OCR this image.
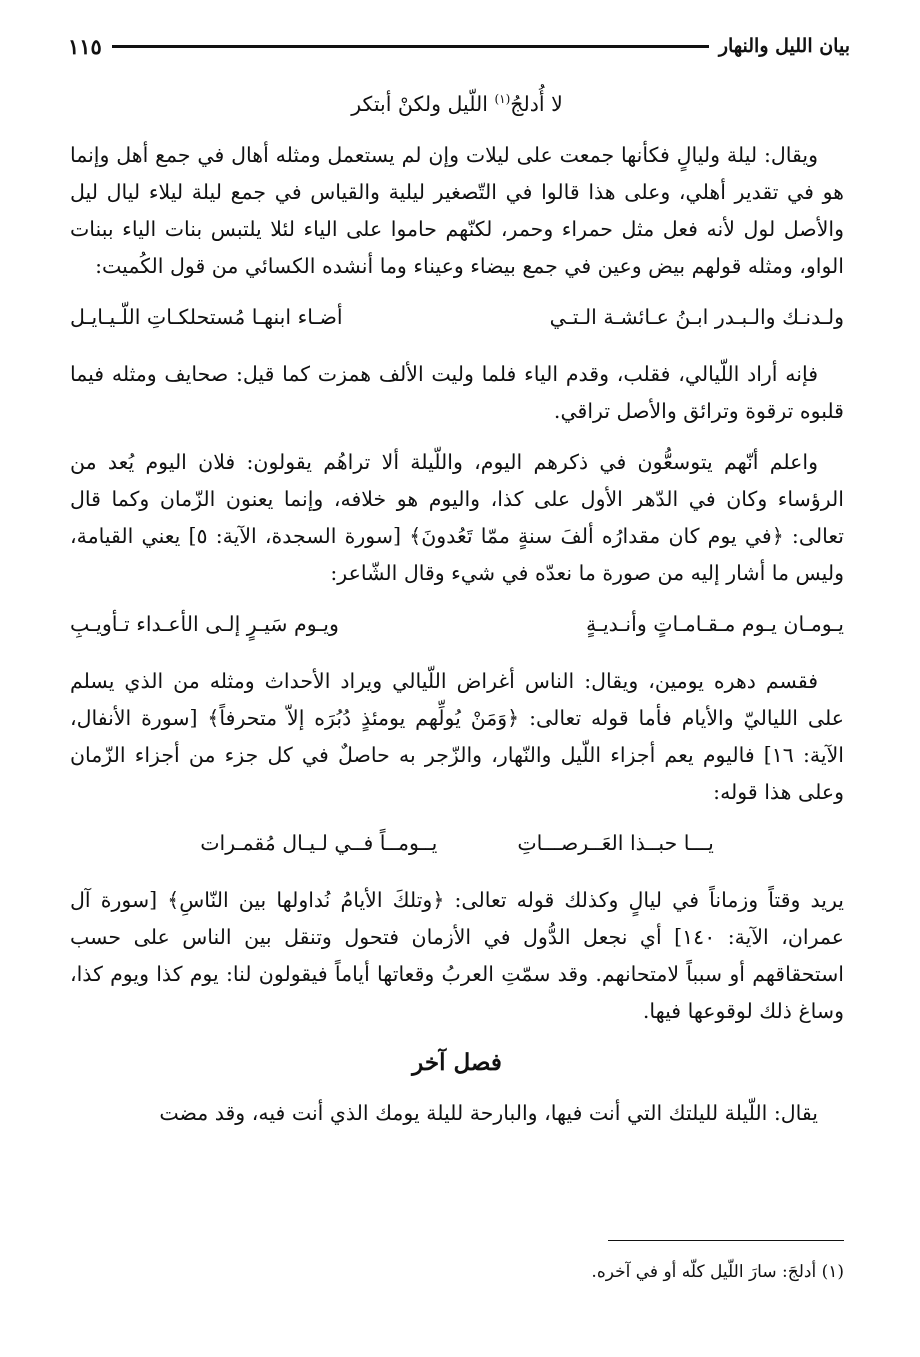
بيان الليل والنهار
١١٥
لا أُدلجُ$^{(١)}$ اللّيل ولكنْ أبتكر

ويقال: ليلة وليالٍ فكأنها جمعت على ليلات وإن لم يستعمل ومثله أهال في جمع أهل وإنما هو في تقدير أهلي، وعلى هذا قالوا في التّصغير ليلية والقياس في جمع ليلة ليلاء ليال ليل والأصل لول لأنه فعل مثل حمراء وحمر، لكنّهم حاموا على الياء لئلا يلتبس بنات الياء ببنات الواو، ومثله قولهم بيض وعين في جمع بيضاء وعيناء وما أنشده الكسائي من قول الكُميت:

ولـدنـك والـبـدر ابـنُ عـائشـة الـتـي
أضـاء ابنهـا مُستحلكـاتِ اللّـيـايـل

فإنه أراد اللّيالي، فقلب، وقدم الياء فلما وليت الألف همزت كما قيل: صحايف ومثله فيما قلبوه ترقوة وترائق والأصل تراقي.

واعلم أنّهم يتوسعُّون في ذكرهم اليوم، واللّيلة ألا تراهُم يقولون: فلان اليوم يُعد من الرؤساء وكان في الدّهر الأول على كذا، واليوم هو خلافه، وإنما يعنون الزّمان وكما قال تعالى: ﴿في يوم كان مقدارُه ألفَ سنةٍ ممّا تَعُدونَ﴾ [سورة السجدة، الآية: ٥] يعني القيامة، وليس ما أشار إليه من صورة ما نعدّه في شيء وقال الشّاعر:

يـومـان يـوم مـقـامـاتٍ وأنـديـةٍ
ويـوم سَيـرٍ إلـى الأعـداء تـأويـبِ

فقسم دهره يومين، ويقال: الناس أغراض اللّيالي ويراد الأحداث ومثله من الذي يسلم على اللياليّ والأيام فأما قوله تعالى: ﴿وَمَنْ يُولِّهم يومئذٍ دُبُرَه إلاّ متحرفاً﴾ [سورة الأنفال، الآية: ١٦] فاليوم يعم أجزاء اللّيل والنّهار، والزّجر به حاصلٌ في كل جزء من أجزاء الزّمان وعلى هذا قوله:

يـــا حبــذا العَــرصـــاتِ
يــومــاً فــي لـيـال مُقمـرات

يريد وقتاً وزماناً في ليالٍ وكذلك قوله تعالى: ﴿وتلكَ الأيامُ نُداولها بين النّاسِ﴾ [سورة آل عمران، الآية: ١٤٠] أي نجعل الدُّول في الأزمان فتحول وتنقل بين الناس على حسب استحقاقهم أو سبباً لامتحانهم. وقد سمّتِ العربُ وقعاتها أياماً فيقولون لنا: يوم كذا ويوم كذا، وساغ ذلك لوقوعها فيها.

فصل آخر

يقال: اللّيلة لليلتك التي أنت فيها، والبارحة لليلة يومك الذي أنت فيه، وقد مضت

(١) أدلجَ: سارَ اللّيل كلّه أو في آخره.
